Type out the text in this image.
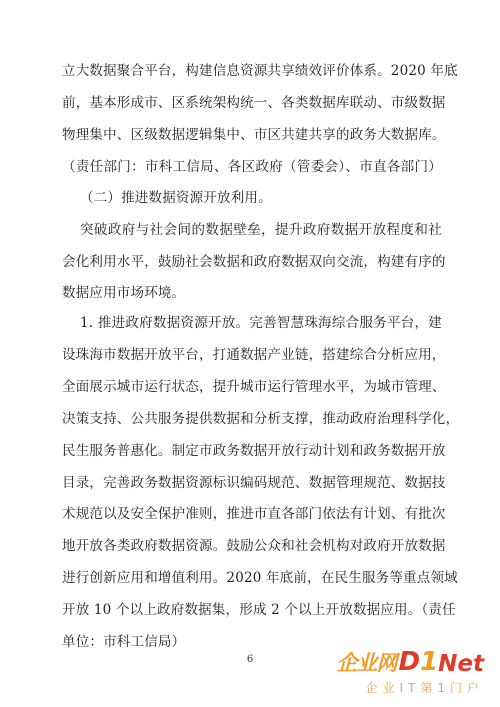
立大数据聚合平台，构建信息资源共享绩效评价体系。2020 年底
前，基本形成市、区系统架构统一、各类数据库联动、市级数据
物理集中、区级数据逻辑集中、市区共建共享的政务大数据库。
（责任部门：市科工信局、各区政府（管委会）、市直各部门）
（二）推进数据资源开放利用。
突破政府与社会间的数据壁垒，提升政府数据开放程度和社
会化利用水平，鼓励社会数据和政府数据双向交流，构建有序的
数据应用市场环境。
1. 推进政府数据资源开放。完善智慧珠海综合服务平台，建
设珠海市数据开放平台，打通数据产业链，搭建综合分析应用，
全面展示城市运行状态，提升城市运行管理水平，为城市管理、
决策支持、公共服务提供数据和分析支撑，推动政府治理科学化，
民生服务普惠化。制定市政务数据开放行动计划和政务数据开放
目录，完善政务数据资源标识编码规范、数据管理规范、数据技
术规范以及安全保护准则，推进市直各部门依法有计划、有批次
地开放各类政府数据资源。鼓励公众和社会机构对政府开放数据
进行创新应用和增值利用。2020 年底前，在民生服务等重点领域
开放 10 个以上政府数据集，形成 2 个以上开放数据应用。（责任
单位：市科工信局）
6	企业网 D 1 Net
企业IT第1门户
